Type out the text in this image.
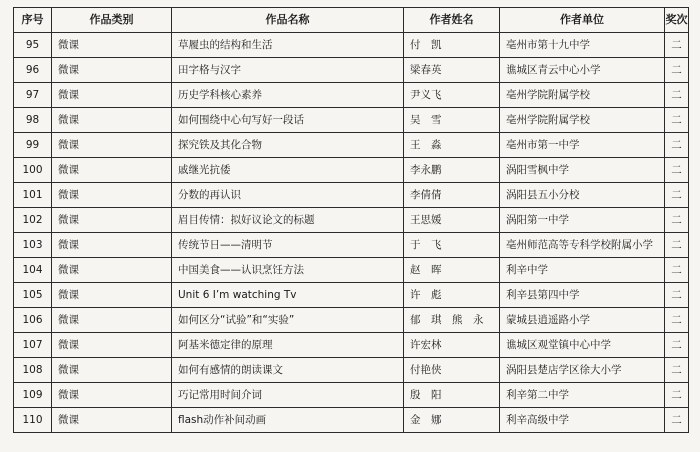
序号	作品类别	作品名称	作者姓名	作者单位	奖次
95	微课	草履虫的结构和生活	付　凯	亳州市第十九中学	二
96	微课	田字格与汉字	梁春英	谯城区青云中心小学	二
97	微课	历史学科核心素养	尹义飞	亳州学院附属学校	二
98	微课	如何围绕中心句写好一段话	吴　雪	亳州学院附属学校	二
99	微课	探究铁及其化合物	王　淼	亳州市第一中学	二
100	微课	戚继光抗倭	李永鹏	涡阳雪枫中学	二
101	微课	分数的再认识	李倩倩	涡阳县五小分校	二
102	微课	眉目传情：拟好议论文的标题	王思媛	涡阳第一中学	二
103	微课	传统节日——清明节	于　飞	亳州师范高等专科学校附属小学	二
104	微课	中国美食——认识烹饪方法	赵　晖	利辛中学	二
105	微课	Unit 6 I’m watching Tv	许　彪	利辛县第四中学	二
106	微课	如何区分“试验”和“实验”	郁　琪　熊　永	蒙城县逍遥路小学	二
107	微课	阿基米德定律的原理	许宏林	谯城区观堂镇中心中学	二
108	微课	如何有感情的朗读课文	付艳侠	涡阳县楚店学区徐大小学	二
109	微课	巧记常用时间介词	殷　阳	利辛第二中学	二
110	微课	flash动作补间动画	金　娜	利辛高级中学	二
